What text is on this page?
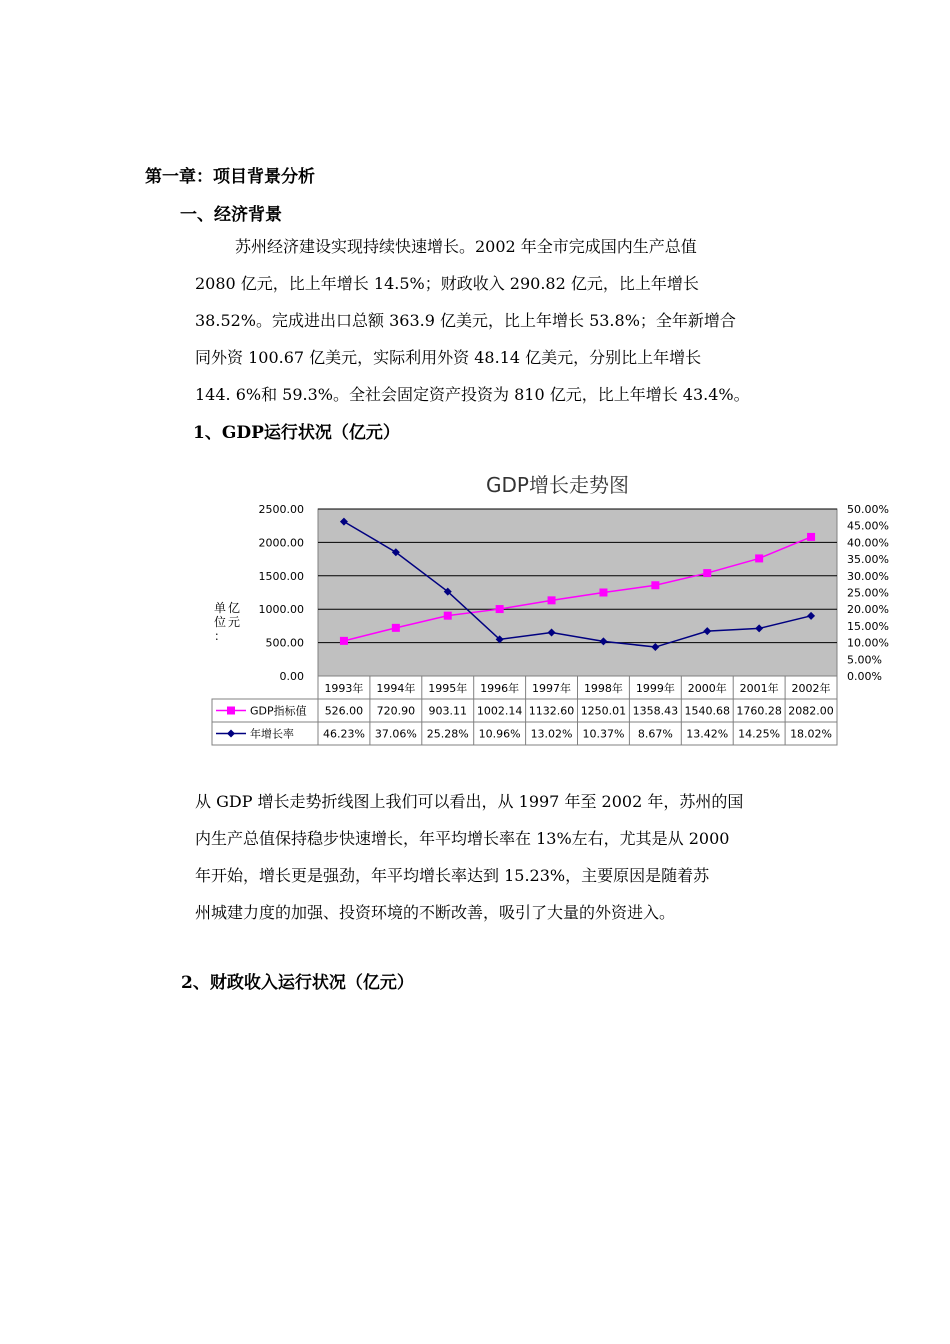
第一章：项目背景分析
一、经济背景
苏州经济建设实现持续快速增长。2002 年全市完成国内生产总值
2080 亿元，比上年增长 14.5%；财政收入 290.82 亿元，比上年增长
38.52%。完成进出口总额 363.9 亿美元，比上年增长 53.8%；全年新增合
同外资 100.67 亿美元，实际利用外资 48.14 亿美元，分别比上年增长
144. 6%和 59.3%。全社会固定资产投资为 810 亿元，比上年增长 43.4%。
1、GDP运行状况（亿元）
GDP增长走势图
0.00
500.00
1000.00
1500.00
2000.00
2500.00
0.00%
5.00%
10.00%
15.00%
20.00%
25.00%
30.00%
35.00%
40.00%
45.00%
50.00%
单
位
：
亿
元
1993年 1994年 1995年 1996年 1997年 1998年 1999年 2000年 2001年 2002年
GDP指标值 526.00 720.90 903.11 1002.14 1132.60 1250.01 1358.43 1540.68 1760.28 2082.00
年增长率	46.23% 37.06% 25.28% 10.96% 13.02% 10.37% 8.67% 13.42% 14.25% 18.02%
从 GDP 增长走势折线图上我们可以看出，从 1997 年至 2002 年，苏州的国
内生产总值保持稳步快速增长，年平均增长率在 13%左右，尤其是从 2000
年开始，增长更是强劲，年平均增长率达到 15.23%，主要原因是随着苏
州城建力度的加强、投资环境的不断改善，吸引了大量的外资进入。
2、财政收入运行状况（亿元）
